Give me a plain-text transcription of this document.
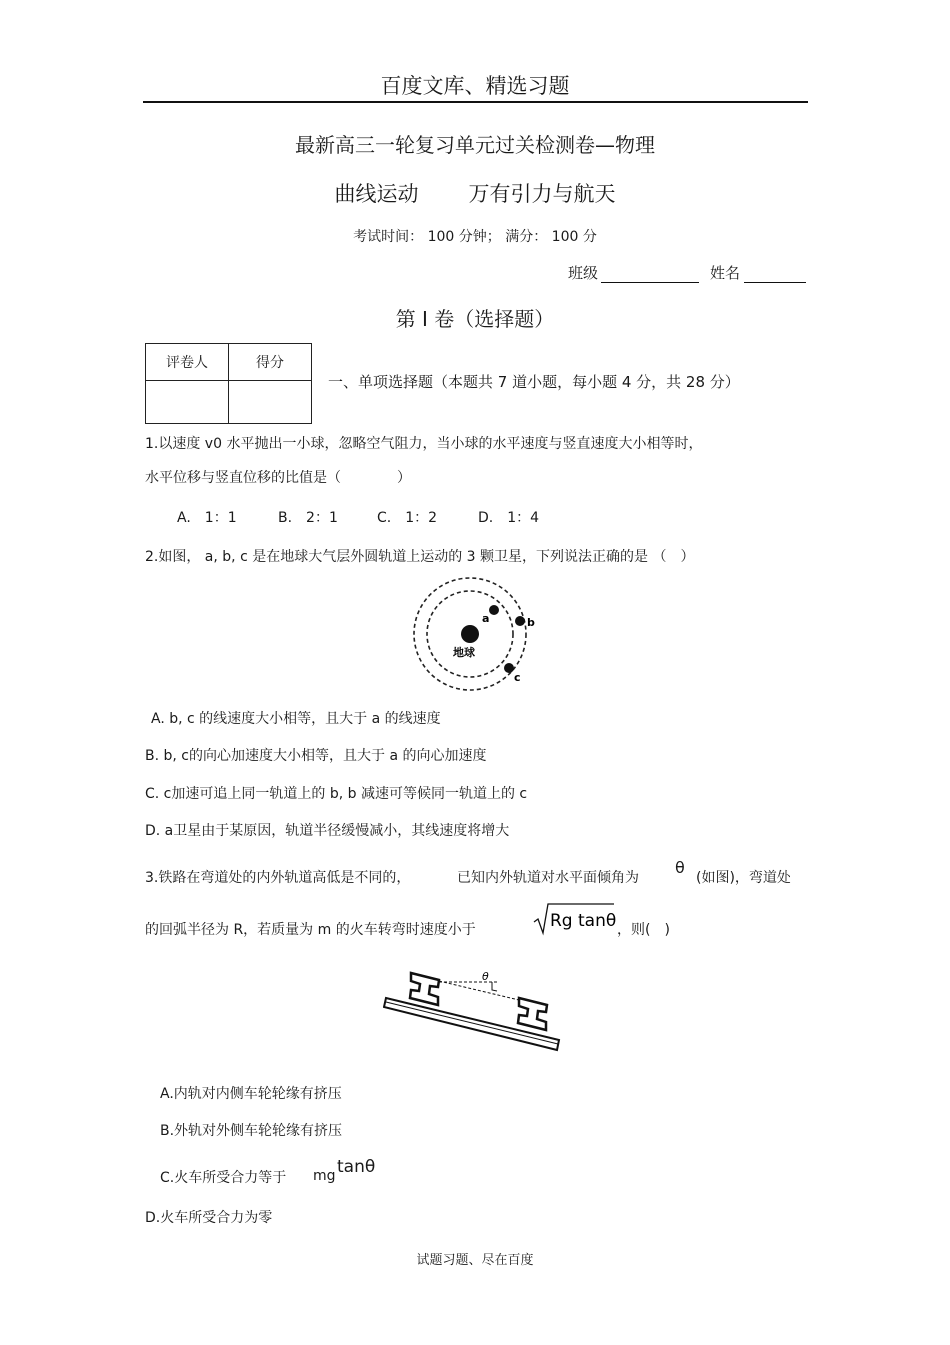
百度文库、精选习题
最新高三一轮复习单元过关检测卷—物理
曲线运动 万有引力与航天
考试时间： 100 分钟； 满分： 100 分
班级	姓名
第 I 卷（选择题）
评卷人	得分

一、单项选择题（本题共 7 道小题，每小题 4 分，共 28 分）
1.以速度 v0 水平抛出一小球，忽略空气阻力，当小球的水平速度与竖直速度大小相等时，
水平位移与竖直位移的比值是（　　　　）
A.　1：1	B.　2：1	C.　1：2	D.　1：4
2.如图， a, b, c 是在地球大气层外圆轨道上运动的 3 颗卫星，下列说法正确的是 （　）
地球
a	b
c
A. b, c 的线速度大小相等，且大于 a 的线速度
B. b, c的向心加速度大小相等，且大于 a 的向心加速度
C. c加速可追上同一轨道上的 b, b 减速可等候同一轨道上的 c
D. a卫星由于某原因，轨道半径缓慢减小，其线速度将增大
3.铁路在弯道处的内外轨道高低是不同的，	已知内外轨道对水平面倾角为
θ
(如图)，弯道处
的回弧半径为 R，若质量为 m 的火车转弯时速度小于	Rg tanθ ，则(　)
θ
A.内轨对内侧车轮轮缘有挤压
B.外轨对外侧车轮轮缘有挤压
C.火车所受合力等于 mg tanθ
D.火车所受合力为零
试题习题、尽在百度
